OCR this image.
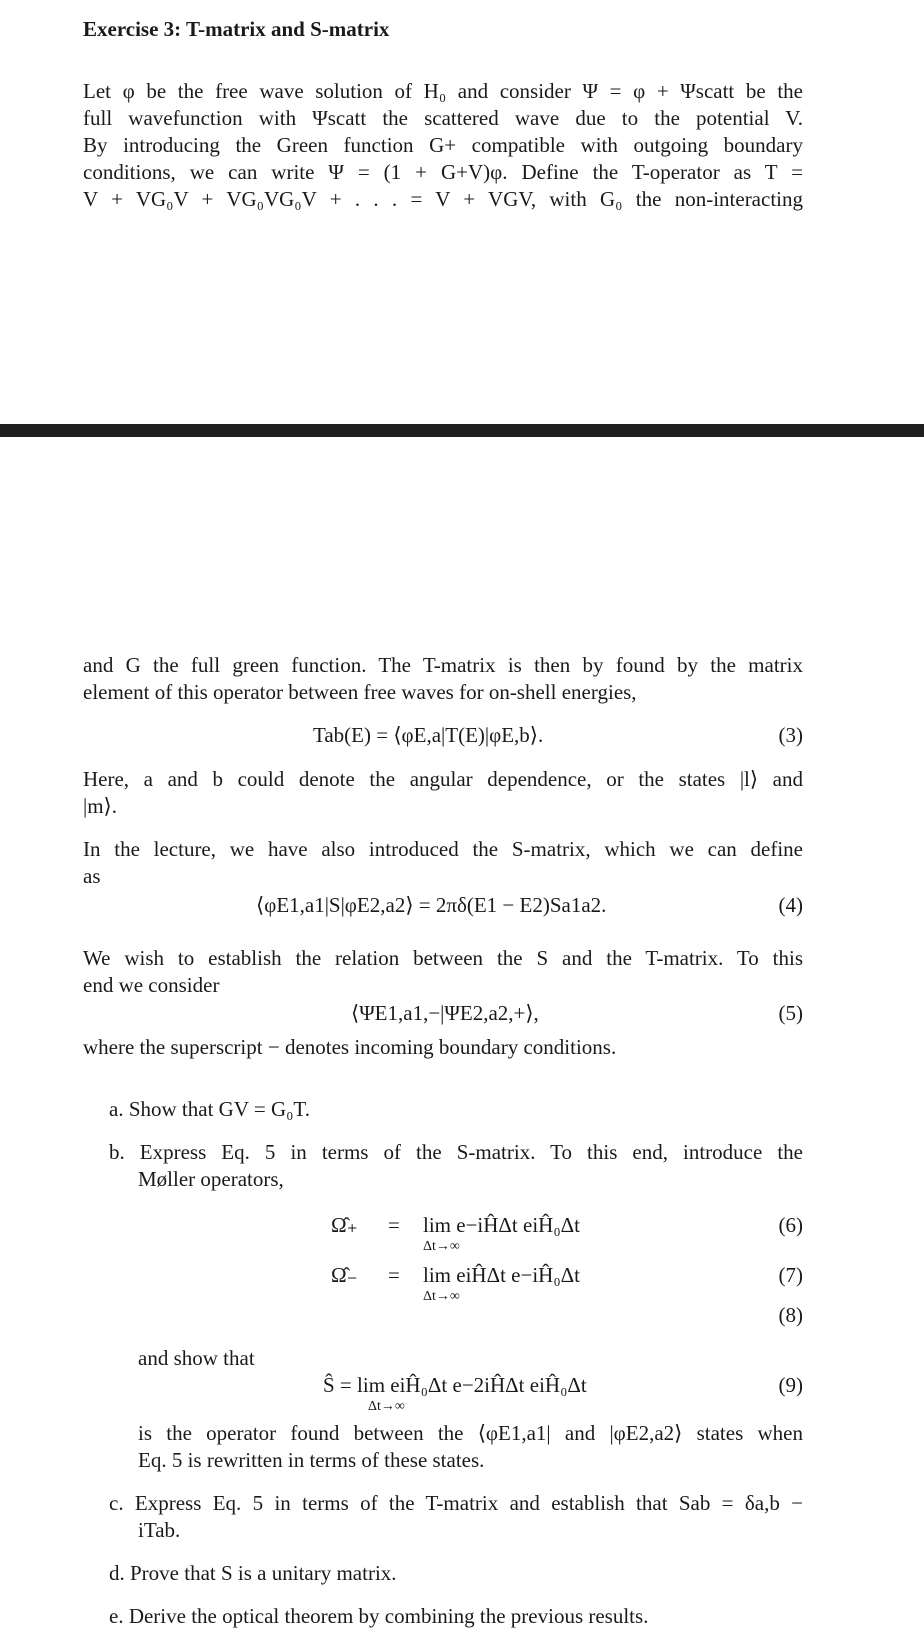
Exercise 3: T-matrix and S-matrix
Let φ be the free wave solution of H₀ and consider Ψ = φ + Ψscatt be the
full wavefunction with Ψscatt the scattered wave due to the potential V.
By introducing the Green function G+ compatible with outgoing boundary
conditions, we can write Ψ = (1 + G+V)φ. Define the T-operator as T =
V + VG₀V + VG₀VG₀V + . . . = V + VGV, with G₀ the non-interacting
and G the full green function. The T-matrix is then by found by the matrix
element of this operator between free waves for on-shell energies,
Tab(E) = ⟨φE,a|T(E)|φE,b⟩.	(3)
Here, a and b could denote the angular dependence, or the states |l⟩ and
|m⟩.
In the lecture, we have also introduced the S-matrix, which we can define
as
⟨φE1,a1|S|φE2,a2⟩ = 2πδ(E1 − E2)Sa1a2.	(4)
We wish to establish the relation between the S and the T-matrix. To this
end we consider
⟨ΨE1,a1,−|ΨE2,a2,+⟩,	(5)
where the superscript − denotes incoming boundary conditions.
a. Show that GV = G₀T.
b. Express Eq. 5 in terms of the S-matrix. To this end, introduce the
Møller operators,
Ω̂₊ = lim e−iĤΔt eiĤ₀Δt
Δt→∞
(6)
Ω̂₋ = lim eiĤΔt e−iĤ₀Δt
Δt→∞
(7)
(8)
and show that
Ŝ = lim eiĤ₀Δt e−2iĤΔt eiĤ₀Δt
Δt→∞
(9)
is the operator found between the ⟨φE1,a1| and |φE2,a2⟩ states when
Eq. 5 is rewritten in terms of these states.
c. Express Eq. 5 in terms of the T-matrix and establish that Sab = δa,b −
iTab.
d. Prove that S is a unitary matrix.
e. Derive the optical theorem by combining the previous results.
